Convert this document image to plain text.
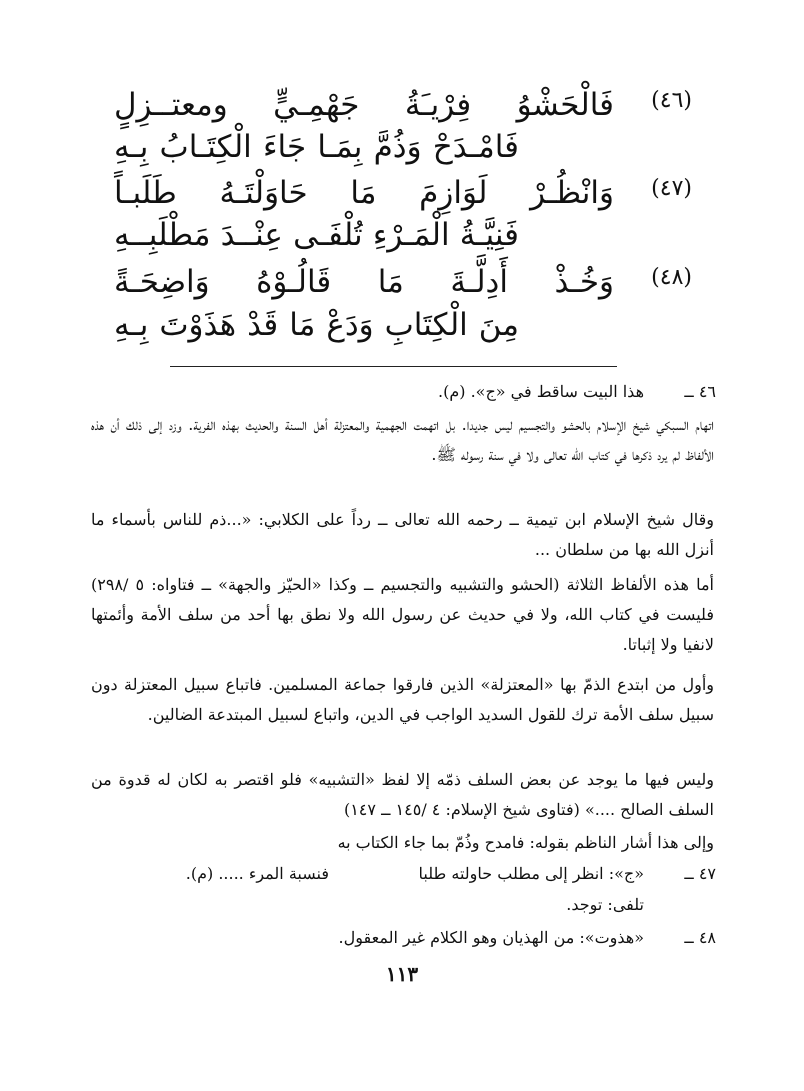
(٤٦)
فَالْحَشْوُ فِرْيـَةُ جَهْمِـيٍّ ومعتــزِلٍ
فَامْـدَحْ وَذُمَّ بِمَـا جَاءَ الْكِتَـابُ بِـهِ
(٤٧)
وَانْظُـرْ لَوَازِمَ مَا حَاوَلْتَـهُ طَلَبـاً
فَنِيَّـةُ الْمَـرْءِ تُلْفَـى عِنْــدَ مَطْلَبِــهِ
(٤٨)
وَخُـذْ أَدِلَّـةَ مَا قَالُـوْهُ وَاضِحَـةً
مِنَ الْكِتَابِ وَدَعْ مَا قَدْ هَذَوْتَ بِـهِ
٤٦ ــ
هذا البيت ساقط في «ج». (م).
اتهام السبكي شيخ الإسلام بالحشو والتجسيم ليس جديدا. بل اتهمت الجهمية والمعتزلة أهل السنة والحديث بهذه الفرية. وزد إلى ذلك أن هذه الألفاظ لم يرد ذكرها في كتاب الله تعالى ولا في سنة رسوله ﷺ.
وقال شيخ الإسلام ابن تيمية ــ رحمه الله تعالى ــ رداً على الكلابي: «...ذم للناس بأسماء ما أنزل الله بها من سلطان ...
أما هذه الألفاظ الثلاثة (الحشو والتشبيه والتجسيم ــ وكذا «الحيّز والجهة» ــ فتاواه: ٥ /٢٩٨) فليست في كتاب الله، ولا في حديث عن رسول الله ولا نطق بها أحد من سلف الأمة وأئمتها لانفيا ولا إثباتا.
وأول من ابتدع الذمّ بها «المعتزلة» الذين فارقوا جماعة المسلمين. فاتباع سبيل المعتزلة دون سبيل سلف الأمة ترك للقول السديد الواجب في الدين، واتباع لسبيل المبتدعة الضالين.
وليس فيها ما يوجد عن بعض السلف ذمّه إلا لفظ «التشبيه» فلو اقتصر به لكان له قدوة من السلف الصالح ....» (فتاوى شيخ الإسلام: ٤ /١٤٥ ــ ١٤٧)
وإلى هذا أشار الناظم بقوله: فامدح وذُمّ بما جاء الكتاب به
٤٧ ــ
«ج»: انظر إلى مطلب حاولته طلبا
فنسبة المرء ..... (م).
تلفى: توجد.
٤٨ ــ
«هذوت»: من الهذيان وهو الكلام غير المعقول.
١١٣
